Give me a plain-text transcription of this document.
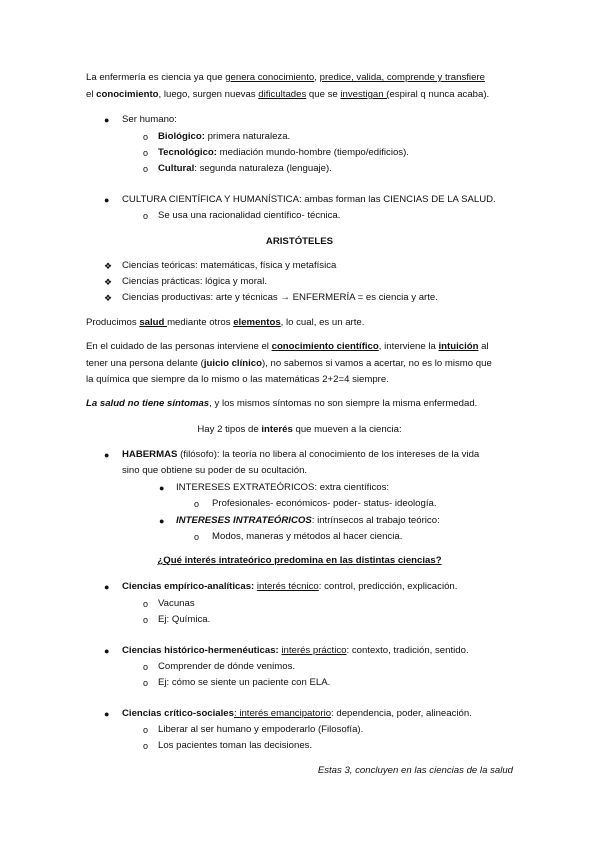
La enfermería es ciencia ya que genera conocimiento, predice, valida, comprende y transfiere
el conocimiento, luego, surgen nuevas dificultades que se investigan (espiral q nunca acaba).
● Ser humano:
o Biológico: primera naturaleza.
o Tecnológico: mediación mundo-hombre (tiempo/edificios).
o Cultural: segunda naturaleza (lenguaje).
● CULTURA CIENTÍFICA Y HUMANÍSTICA: ambas forman las CIENCIAS DE LA SALUD.
o Se usa una racionalidad científico- técnica.
ARISTÓTELES
❖ Ciencias teóricas: matemáticas, física y metafísica
❖ Ciencias prácticas: lógica y moral.
❖ Ciencias productivas: arte y técnicas → ENFERMERÍA = es ciencia y arte.
Producimos salud mediante otros elementos, lo cual, es un arte.
En el cuidado de las personas interviene el conocimiento científico, interviene la intuición al
tener una persona delante (juicio clínico), no sabemos si vamos a acertar, no es lo mismo que
la química que siempre da lo mismo o las matemáticas 2+2=4 siempre.
La salud no tiene síntomas, y los mismos síntomas no son siempre la misma enfermedad.
Hay 2 tipos de interés que mueven a la ciencia:
● HABERMAS (filósofo): la teoría no libera al conocimiento de los intereses de la vida
sino que obtiene su poder de su ocultación.
● INTERESES EXTRATEÓRICOS: extra científicos:
o Profesionales- económicos- poder- status- ideología.
● INTERESES INTRATEÓRICOS: intrínsecos al trabajo teórico:
o Modos, maneras y métodos al hacer ciencia.
¿Qué interés intrateórico predomina en las distintas ciencias?
● Ciencias empírico-analíticas: interés técnico: control, predicción, explicación.
o Vacunas
o Ej: Química.
● Ciencias histórico-hermenéuticas: interés práctico: contexto, tradición, sentido.
o Comprender de dónde venimos.
o Ej: cómo se siente un paciente con ELA.
● Ciencias crítico-sociales: interés emancipatorio: dependencia, poder, alineación.
o Liberar al ser humano y empoderarlo (Filosofía).
o Los pacientes toman las decisiones.
Estas 3, concluyen en las ciencias de la salud
